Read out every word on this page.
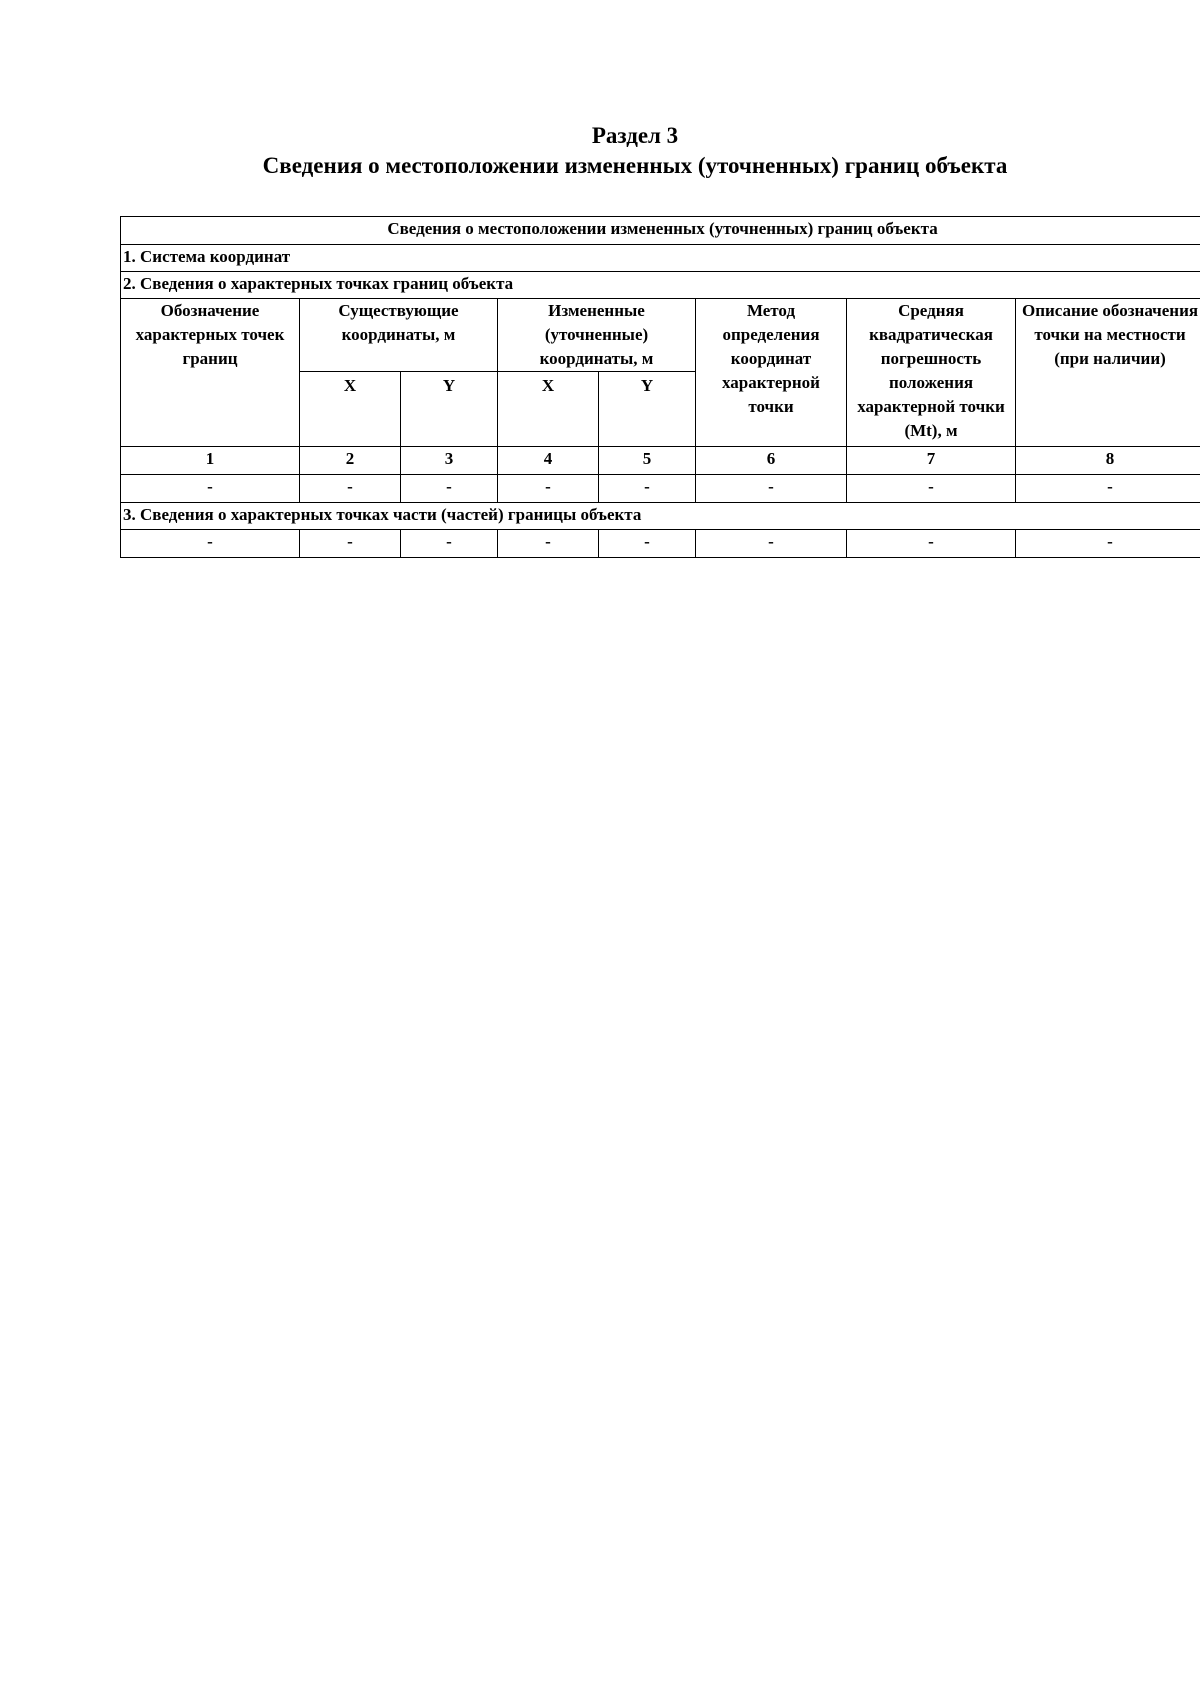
Раздел 3
Сведения о местоположении измененных (уточненных) границ объекта
Сведения о местоположении измененных (уточненных) границ объекта							
1. Система координат							
2. Сведения о характерных точках границ объекта							
Обозначение характерных точек границ	Существующие координаты, м		Измененные (уточненные) координаты, м		Метод определения координат характерной точки	Средняя квадратическая погрешность положения характерной точки (Mt), м	Описание обозначения точки на местности (при наличии)
	X	Y	X	Y			
1	2	3	4	5	6	7	8
-	-	-	-	-	-	-	-
3. Сведения о характерных точках части (частей) границы объекта							
-	-	-	-	-	-	-	-
